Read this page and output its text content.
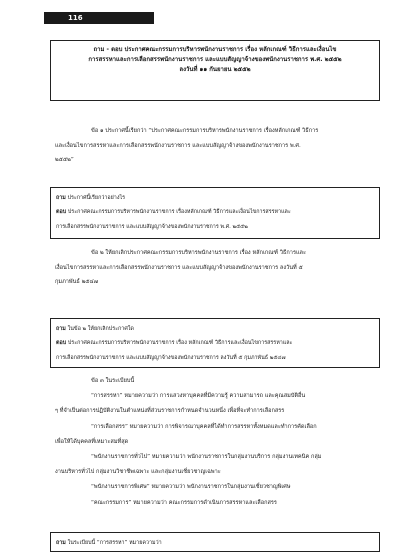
116
ถาม - ตอบ ประกาศคณะกรรมการบริหารพนักงานราชการ เรื่อง หลักเกณฑ์ วิธีการและเงื่อนไข
การสรรหาและการเลือกสรรพนักงานราชการ และแบบสัญญาจ้างของพนักงานราชการ พ.ศ. ๒๕๕๒
ลงวันที่ ๑๑ กันยายน ๒๕๕๒
ข้อ ๑ ประกาศนี้เรียกว่า “ประกาศคณะกรรมการบริหารพนักงานราชการ เรื่องหลักเกณฑ์ วิธีการ
และเงื่อนไขการสรรหาและการเลือกสรรพนักงานราชการ และแบบสัญญาจ้างของพนักงานราชการ พ.ศ.
๒๕๕๒”
ถาม ประกาศนี้เรียกว่าอย่างไร
ตอบ ประกาศคณะกรรมการบริหารพนักงานราชการ เรื่องหลักเกณฑ์ วิธีการและเงื่อนไขการสรรหาและ
การเลือกสรรพนักงานราชการ และแบบสัญญาจ้างของพนักงานราชการ พ.ศ. ๒๕๕๒
ข้อ ๒ ให้ยกเลิกประกาศคณะกรรมการบริหารพนักงานราชการ เรื่อง หลักเกณฑ์ วิธีการและ
เงื่อนไขการสรรหาและการเลือกสรรพนักงานราชการ และแบบสัญญาจ้างของพนักงานราชการ ลงวันที่ ๕
กุมภาพันธ์ ๒๕๔๗
ถาม ในข้อ ๒ ให้ยกเลิกประกาศใด
ตอบ ประกาศคณะกรรมการบริหารพนักงานราชการ เรื่อง หลักเกณฑ์ วิธีการและเงื่อนไขการสรรหาและ
การเลือกสรรพนักงานราชการ และแบบสัญญาจ้างของพนักงานราชการ ลงวันที่ ๕ กุมภาพันธ์ ๒๕๔๗
ข้อ ๓ ในระเบียบนี้
“การสรรหา” หมายความว่า การแสวงหาบุคคลที่มีความรู้ ความสามารถ และคุณสมบัติอื่น
ๆ ที่จำเป็นต่อการปฏิบัติงานในตำแหน่งที่ส่วนราชการกำหนดจำนวนหนึ่ง เพื่อที่จะทำการเลือกสรร
“การเลือกสรร” หมายความว่า การพิจารณาบุคคลที่ได้ทำการสรรหาทั้งหมดและทำการคัดเลือก
เพื่อให้ได้บุคคลที่เหมาะสมที่สุด
“พนักงานราชการทั่วไป” หมายความว่า พนักงานราชการในกลุ่มงานบริการ กลุ่มงานเทคนิค กลุ่ม
งานบริหารทั่วไป กลุ่มงานวิชาชีพเฉพาะ และกลุ่มงานเชี่ยวชาญเฉพาะ
“พนักงานราชการพิเศษ” หมายความว่า พนักงานราชการในกลุ่มงานเชี่ยวชาญพิเศษ
“คณะกรรมการ” หมายความว่า คณะกรรมการดำเนินการสรรหาและเลือกสรร
ถาม ในระเบียบนี้ “การสรรหา” หมายความว่า
